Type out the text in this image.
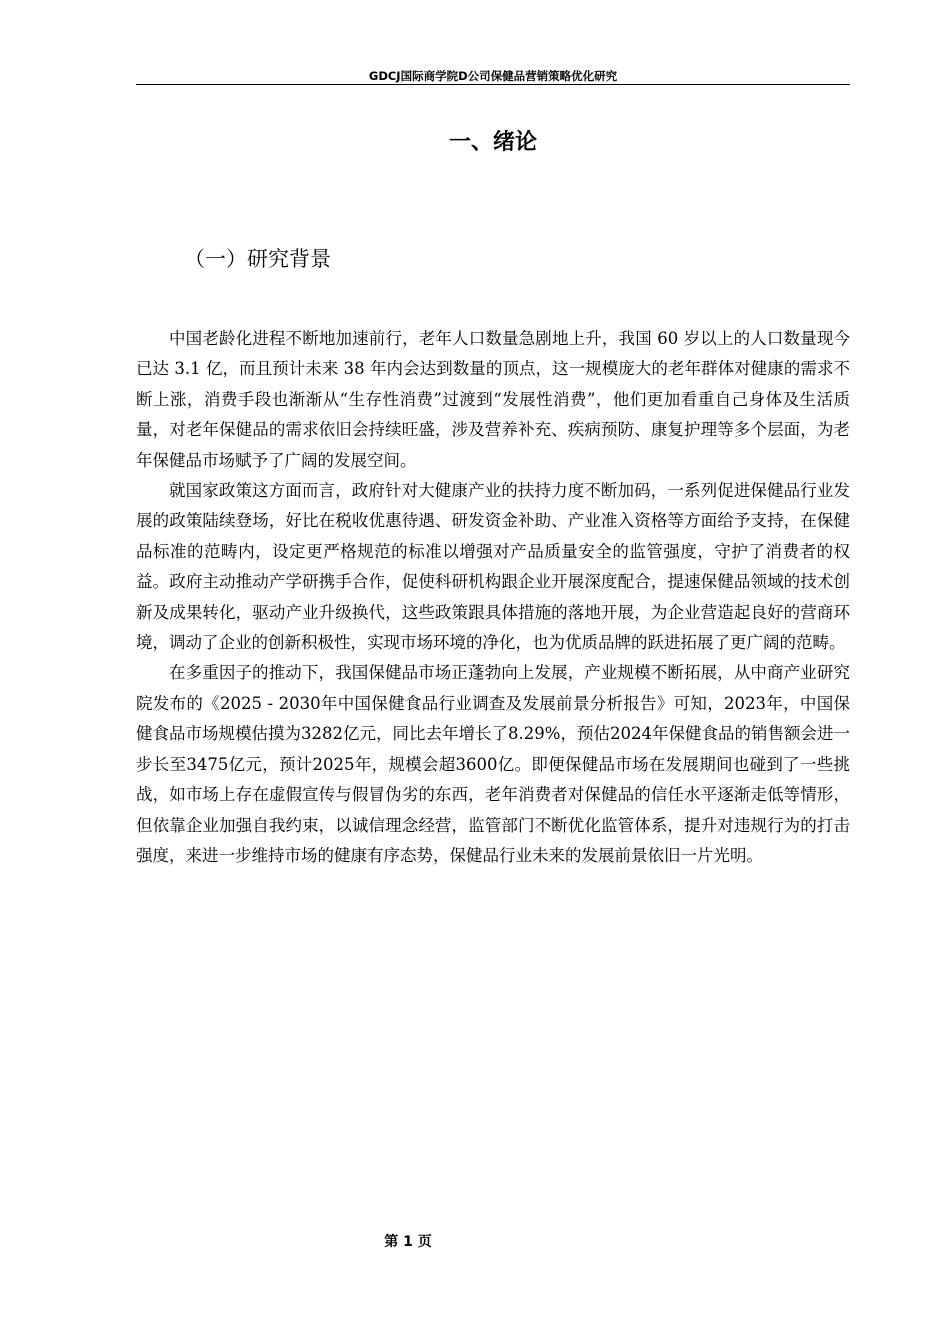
GDCJ国际商学院D公司保健品营销策略优化研究
一、绪论
（一）研究背景

中国老龄化进程不断地加速前行，老年人口数量急剧地上升，我国 60 岁以上的人口数量现今已达 3.1 亿，而且预计未来 38 年内会达到数量的顶点，这一规模庞大的老年群体对健康的需求不断上涨，消费手段也渐渐从“生存性消费”过渡到“发展性消费”，他们更加看重自己身体及生活质量，对老年保健品的需求依旧会持续旺盛，涉及营养补充、疾病预防、康复护理等多个层面，为老年保健品市场赋予了广阔的发展空间。

就国家政策这方面而言，政府针对大健康产业的扶持力度不断加码，一系列促进保健品行业发展的政策陆续登场，好比在税收优惠待遇、研发资金补助、产业准入资格等方面给予支持，在保健品标准的范畴内，设定更严格规范的标准以增强对产品质量安全的监管强度，守护了消费者的权益。政府主动推动产学研携手合作，促使科研机构跟企业开展深度配合，提速保健品领域的技术创新及成果转化，驱动产业升级换代，这些政策跟具体措施的落地开展，为企业营造起良好的营商环境，调动了企业的创新积极性，实现市场环境的净化，也为优质品牌的跃进拓展了更广阔的范畴。

在多重因子的推动下，我国保健品市场正蓬勃向上发展，产业规模不断拓展，从中商产业研究院发布的《2025 - 2030年中国保健食品行业调查及发展前景分析报告》可知，2023年，中国保健食品市场规模估摸为3282亿元，同比去年增长了8.29%，预估2024年保健食品的销售额会进一步长至3475亿元，预计2025年，规模会超3600亿。即便保健品市场在发展期间也碰到了一些挑战，如市场上存在虚假宣传与假冒伪劣的东西，老年消费者对保健品的信任水平逐渐走低等情形，但依靠企业加强自我约束，以诚信理念经营，监管部门不断优化监管体系，提升对违规行为的打击强度，来进一步维持市场的健康有序态势，保健品行业未来的发展前景依旧一片光明。

第 1 页
